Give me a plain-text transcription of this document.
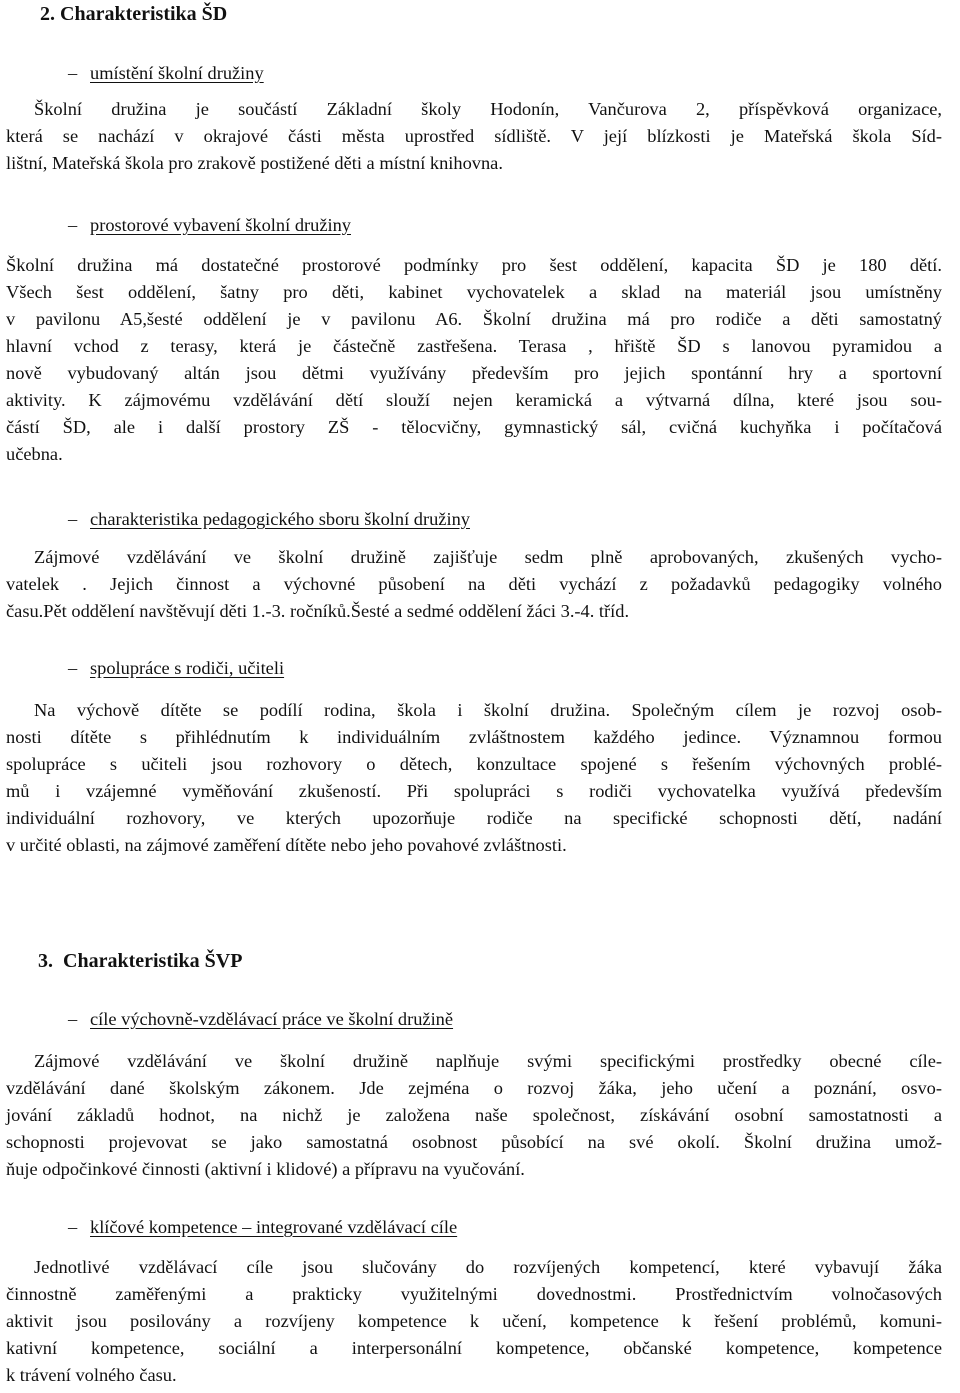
2. Charakteristika ŠD
– umístění školní družiny

Školní družina je součástí Základní školy Hodonín, Vančurova 2, příspěvková organizace,
která se nachází v okrajové části města uprostřed sídliště. V její blízkosti je Mateřská škola Síd-
lištní, Mateřská škola pro zrakově postižené děti a místní knihovna.

– prostorové vybavení školní družiny

Školní družina má dostatečné prostorové podmínky pro šest oddělení, kapacita ŠD je 180 dětí.
Všech šest oddělení, šatny pro děti, kabinet vychovatelek a sklad na materiál jsou umístněny
v pavilonu A5,šesté oddělení je v pavilonu A6. Školní družina má pro rodiče a děti samostatný
hlavní vchod z terasy, která je částečně zastřešena. Terasa , hřiště ŠD s lanovou pyramidou a
nově vybudovaný altán jsou dětmi využívány především pro jejich spontánní hry a sportovní
aktivity. K zájmovému vzdělávání dětí slouží nejen keramická a výtvarná dílna, které jsou sou-
částí ŠD, ale i další prostory ZŠ - tělocvičny, gymnastický sál, cvičná kuchyňka i počítačová
učebna.

– charakteristika pedagogického sboru školní družiny

Zájmové vzdělávání ve školní družině zajišťuje sedm plně aprobovaných, zkušených vycho-
vatelek . Jejich činnost a výchovné působení na děti vychází z požadavků pedagogiky volného
času.Pět oddělení navštěvují děti 1.-3. ročníků.Šesté a sedmé oddělení žáci 3.-4. tříd.

– spolupráce s rodiči, učiteli

Na výchově dítěte se podílí rodina, škola i školní družina. Společným cílem je rozvoj osob-
nosti dítěte s přihlédnutím k individuálním zvláštnostem každého jedince. Významnou formou
spolupráce s učiteli jsou rozhovory o dětech, konzultace spojené s řešením výchovných problé-
mů i vzájemné vyměňování zkušeností. Při spolupráci s rodiči vychovatelka využívá především
individuální rozhovory, ve kterých upozorňuje rodiče na specifické schopnosti dětí, nadání
v určité oblasti, na zájmové zaměření dítěte nebo jeho povahové zvláštnosti.

3. Charakteristika ŠVP
– cíle výchovně-vzdělávací práce ve školní družině

Zájmové vzdělávání ve školní družině naplňuje svými specifickými prostředky obecné cíle-
vzdělávání dané školským zákonem. Jde zejména o rozvoj žáka, jeho učení a poznání, osvo-
jování základů hodnot, na nichž je založena naše společnost, získávání osobní samostatnosti a
schopnosti projevovat se jako samostatná osobnost působící na své okolí. Školní družina umož-
ňuje odpočinkové činnosti (aktivní i klidové) a přípravu na vyučování.

– klíčové kompetence – integrované vzdělávací cíle

Jednotlivé vzdělávací cíle jsou slučovány do rozvíjených kompetencí, které vybavují žáka
činnostně zaměřenými a prakticky využitelnými dovednostmi. Prostřednictvím volnočasových
aktivit jsou posilovány a rozvíjeny kompetence k učení, kompetence k řešení problémů, komuni-
kativní kompetence, sociální a interpersonální kompetence, občanské kompetence, kompetence
k trávení volného času.
